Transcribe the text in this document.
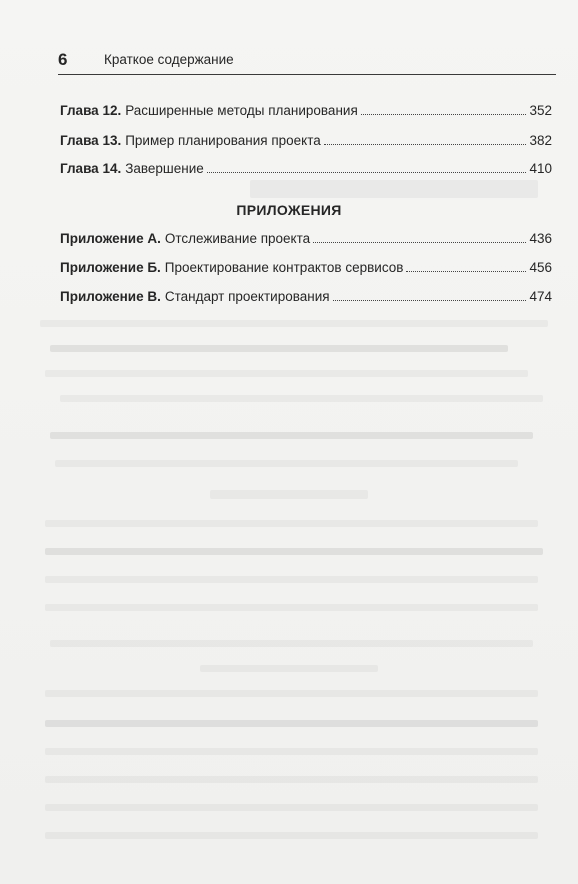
6	Краткое содержание
Глава 12. Расширенные методы планирования	352
Глава 13. Пример планирования проекта	382
Глава 14. Завершение	410
ПРИЛОЖЕНИЯ
Приложение А. Отслеживание проекта	436
Приложение Б. Проектирование контрактов сервисов	456
Приложение В. Стандарт проектирования	474
